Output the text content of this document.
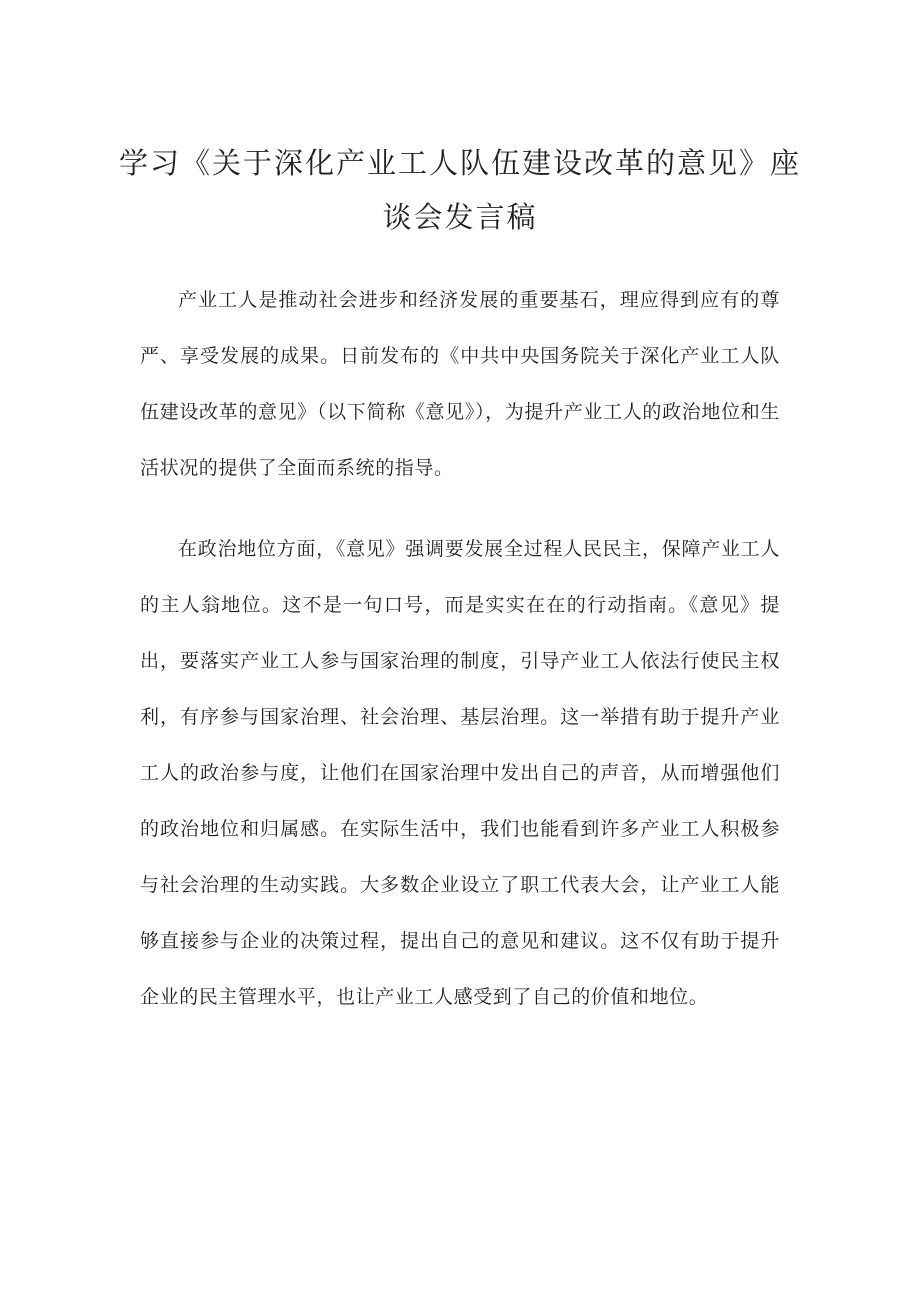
学习《关于深化产业工人队伍建设改革的意见》座
谈会发言稿

产业工人是推动社会进步和经济发展的重要基石，理应得到应有的尊严、享受发展的成果。日前发布的《中共中央国务院关于深化产业工人队伍建设改革的意见》（以下简称《意见》），为提升产业工人的政治地位和生活状况的提供了全面而系统的指导。

在政治地位方面，《意见》强调要发展全过程人民民主，保障产业工人的主人翁地位。这不是一句口号，而是实实在在的行动指南。《意见》提出，要落实产业工人参与国家治理的制度，引导产业工人依法行使民主权利，有序参与国家治理、社会治理、基层治理。这一举措有助于提升产业工人的政治参与度，让他们在国家治理中发出自己的声音，从而增强他们的政治地位和归属感。在实际生活中，我们也能看到许多产业工人积极参与社会治理的生动实践。大多数企业设立了职工代表大会，让产业工人能够直接参与企业的决策过程，提出自己的意见和建议。这不仅有助于提升企业的民主管理水平，也让产业工人感受到了自己的价值和地位。
